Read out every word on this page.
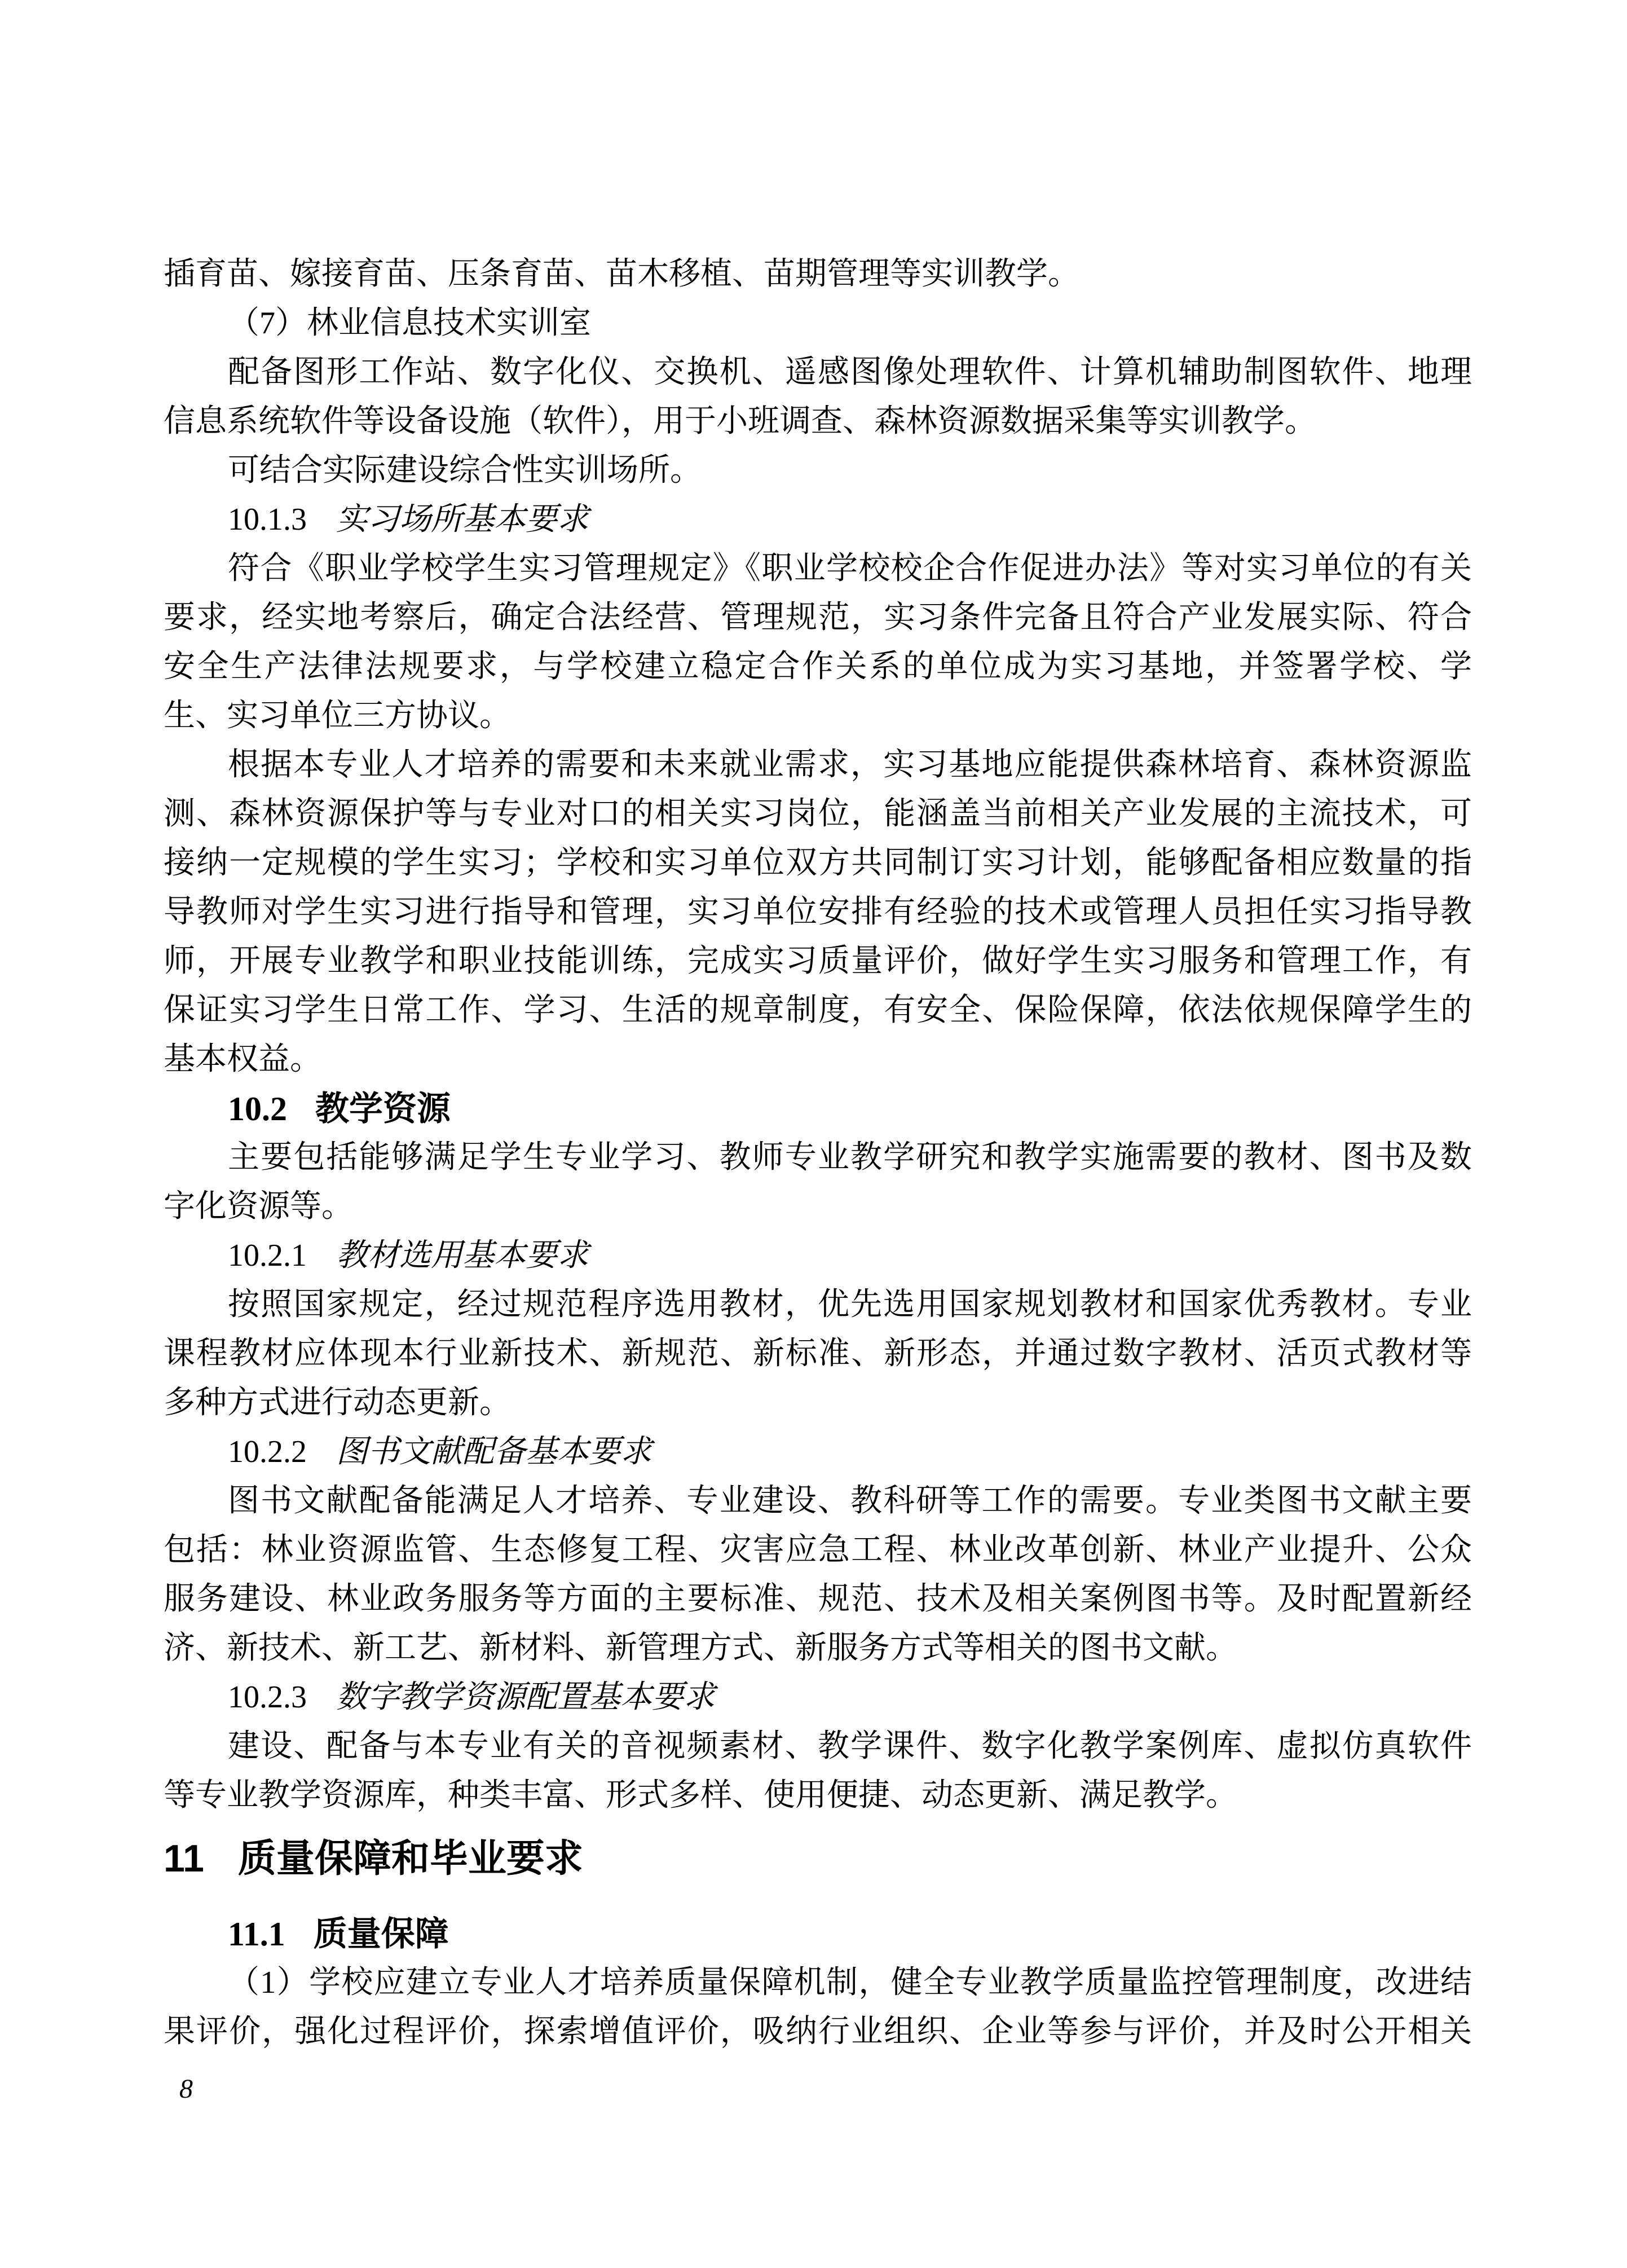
插育苗、嫁接育苗、压条育苗、苗木移植、苗期管理等实训教学。
（7）林业信息技术实训室
配备图形工作站、数字化仪、交换机、遥感图像处理软件、计算机辅助制图软件、地理
信息系统软件等设备设施（软件），用于小班调查、森林资源数据采集等实训教学。
可结合实际建设综合性实训场所。
10.1.3 实习场所基本要求
符合《职业学校学生实习管理规定》《职业学校校企合作促进办法》等对实习单位的有关
要求，经实地考察后，确定合法经营、管理规范，实习条件完备且符合产业发展实际、符合
安全生产法律法规要求，与学校建立稳定合作关系的单位成为实习基地，并签署学校、学
生、实习单位三方协议。
根据本专业人才培养的需要和未来就业需求，实习基地应能提供森林培育、森林资源监
测、森林资源保护等与专业对口的相关实习岗位，能涵盖当前相关产业发展的主流技术，可
接纳一定规模的学生实习；学校和实习单位双方共同制订实习计划，能够配备相应数量的指
导教师对学生实习进行指导和管理，实习单位安排有经验的技术或管理人员担任实习指导教
师，开展专业教学和职业技能训练，完成实习质量评价，做好学生实习服务和管理工作，有
保证实习学生日常工作、学习、生活的规章制度，有安全、保险保障，依法依规保障学生的
基本权益。
10.2 教学资源
主要包括能够满足学生专业学习、教师专业教学研究和教学实施需要的教材、图书及数
字化资源等。
10.2.1 教材选用基本要求
按照国家规定，经过规范程序选用教材，优先选用国家规划教材和国家优秀教材。专业
课程教材应体现本行业新技术、新规范、新标准、新形态，并通过数字教材、活页式教材等
多种方式进行动态更新。
10.2.2 图书文献配备基本要求
图书文献配备能满足人才培养、专业建设、教科研等工作的需要。专业类图书文献主要
包括：林业资源监管、生态修复工程、灾害应急工程、林业改革创新、林业产业提升、公众
服务建设、林业政务服务等方面的主要标准、规范、技术及相关案例图书等。及时配置新经
济、新技术、新工艺、新材料、新管理方式、新服务方式等相关的图书文献。
10.2.3 数字教学资源配置基本要求
建设、配备与本专业有关的音视频素材、教学课件、数字化教学案例库、虚拟仿真软件
等专业教学资源库，种类丰富、形式多样、使用便捷、动态更新、满足教学。
11 质量保障和毕业要求
11.1 质量保障
（1）学校应建立专业人才培养质量保障机制，健全专业教学质量监控管理制度，改进结
果评价，强化过程评价，探索增值评价，吸纳行业组织、企业等参与评价，并及时公开相关
8
